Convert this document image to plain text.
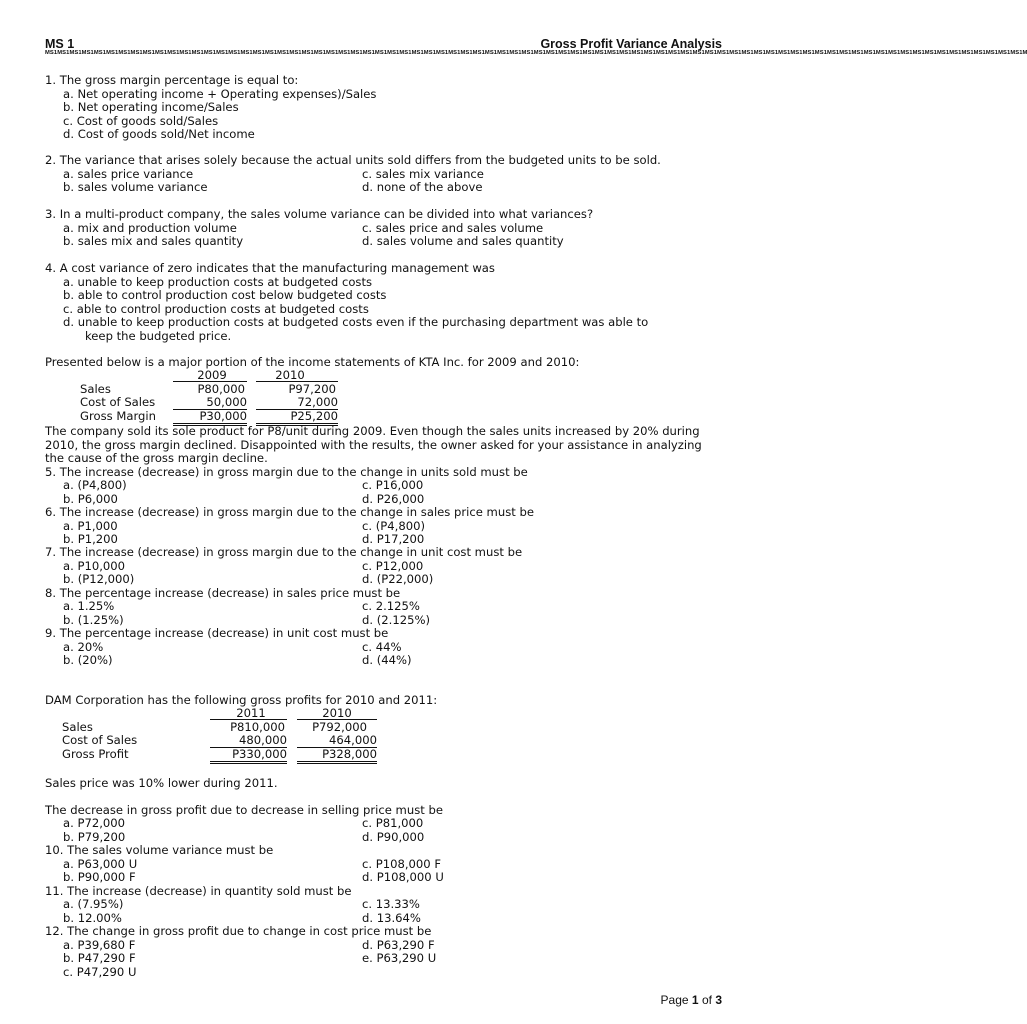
MS 1	Gross Profit Variance Analysis
MS1MS1MS1MS1MS1MS1MS1MS1MS1MS1MS1MS1MS1MS1MS1MS1MS1MS1MS1MS1MS1MS1MS1MS1MS1MS1MS1MS1MS1MS1MS1MS1MS1MS1MS1MS1MS1MS1MS1MS1MS1MS1MS1MS1MS1MS1MS1MS1MS1MS1MS1MS1MS1MS1MS1MS1MS1MS1MS1MS1MS1MS1MS1MS1MS1MS1MS1MS1MS1MS1MS1MS1MS1MS1MS1MS1MS1MS1MS1MS1M
1. The gross margin percentage is equal to:
a. Net operating income + Operating expenses)/Sales
b. Net operating income/Sales
c. Cost of goods sold/Sales
d. Cost of goods sold/Net income
2. The variance that arises solely because the actual units sold differs from the budgeted units to be sold.
a. sales price variance
b. sales volume variance
c. sales mix variance
d. none of the above
3. In a multi-product company, the sales volume variance can be divided into what variances?
a. mix and production volume
b. sales mix and sales quantity
c. sales price and sales volume
d. sales volume and sales quantity
4. A cost variance of zero indicates that the manufacturing management was
a. unable to keep production costs at budgeted costs
b. able to control production cost below budgeted costs
c. able to control production costs at budgeted costs
d. unable to keep production costs at budgeted costs even if the purchasing department was able to
keep the budgeted price.
Presented below is a major portion of the income statements of KTA Inc. for 2009 and 2010:
2009	2010
Sales	P80,000	P97,200
Cost of Sales	50,000	72,000
Gross Margin	P30,000	P25,200
The company sold its sole product for P8/unit during 2009. Even though the sales units increased by 20% during
2010, the gross margin declined. Disappointed with the results, the owner asked for your assistance in analyzing
the cause of the gross margin decline.
5. The increase (decrease) in gross margin due to the change in units sold must be
a. (P4,800)
b. P6,000
c. P16,000
d. P26,000
6. The increase (decrease) in gross margin due to the change in sales price must be
a. P1,000
b. P1,200
c. (P4,800)
d. P17,200
7. The increase (decrease) in gross margin due to the change in unit cost must be
a. P10,000
b. (P12,000)
c. P12,000
d. (P22,000)
8. The percentage increase (decrease) in sales price must be
a. 1.25%
b. (1.25%)
c. 2.125%
d. (2.125%)
9. The percentage increase (decrease) in unit cost must be
a. 20%
b. (20%)
c. 44%
d. (44%)
DAM Corporation has the following gross profits for 2010 and 2011:
2011	2010
Sales	P810,000	P792,000
Cost of Sales	480,000	464,000
Gross Profit	P330,000	P328,000
Sales price was 10% lower during 2011.
The decrease in gross profit due to decrease in selling price must be
a. P72,000
b. P79,200
c. P81,000
d. P90,000
10. The sales volume variance must be
a. P63,000 U
b. P90,000 F
c. P108,000 F
d. P108,000 U
11. The increase (decrease) in quantity sold must be
a. (7.95%)
b. 12.00%
c. 13.33%
d. 13.64%
12. The change in gross profit due to change in cost price must be
a. P39,680 F
b. P47,290 F
c. P47,290 U
d. P63,290 F
e. P63,290 U
Page 1 of 3
